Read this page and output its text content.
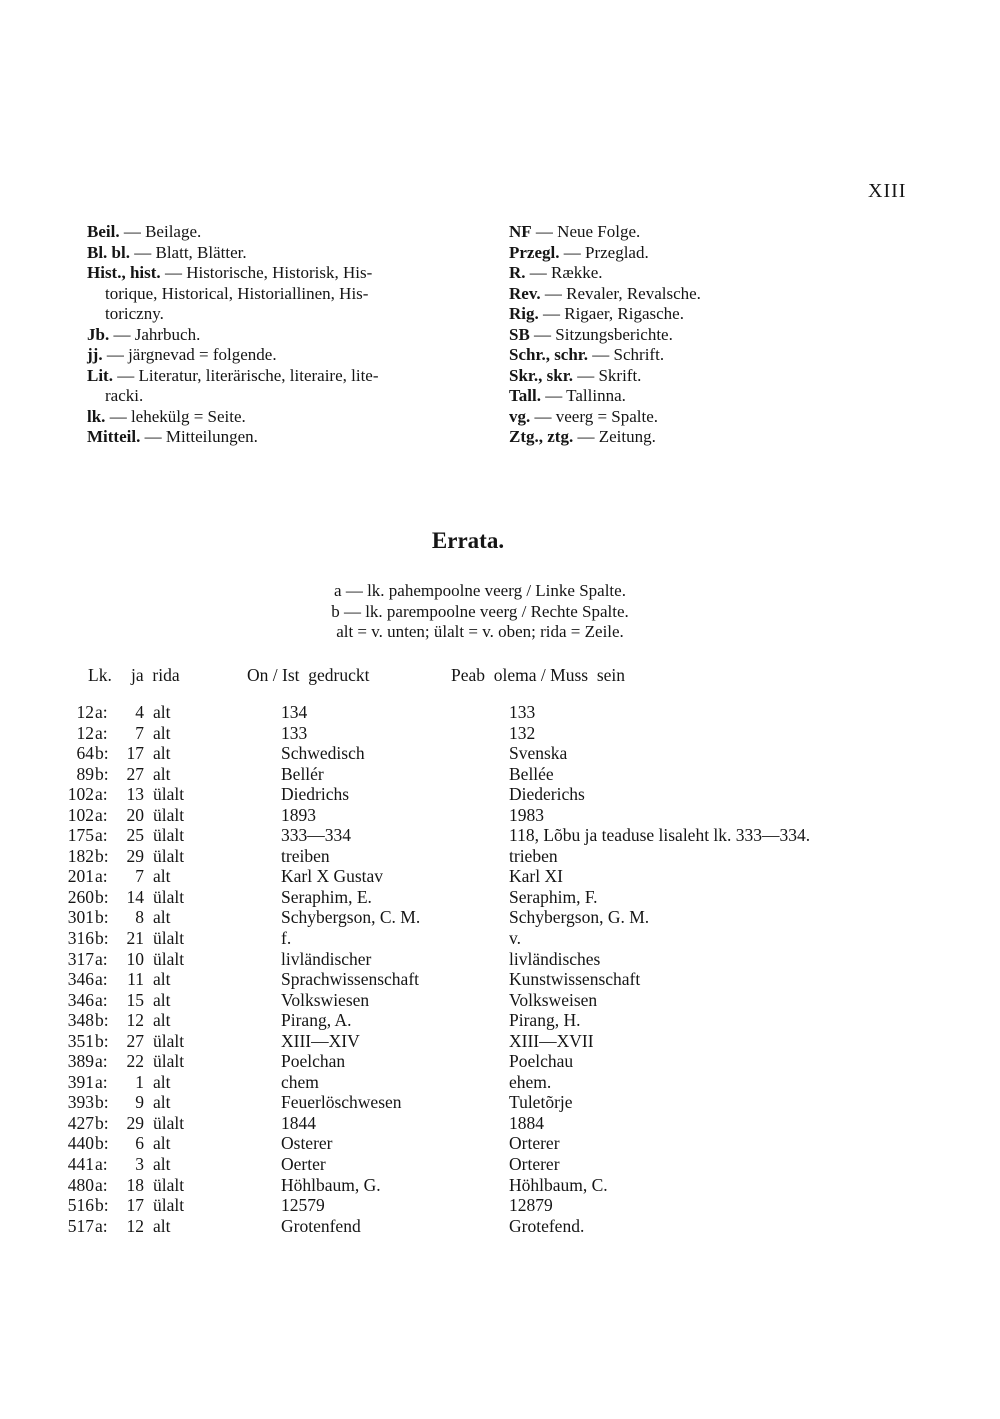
XIII
Beil. — Beilage.
Bl. bl. — Blatt, Blätter.
Hist., hist. — Historische, Historisk, His-
torique, Historical, Historiallinen, His-
toriczny.
Jb. — Jahrbuch.
jj. — järgnevad = folgende.
Lit. — Literatur, literärische, literaire, lite-
racki.
lk. — lehekülg = Seite.
Mitteil. — Mitteilungen.
NF — Neue Folge.
Przegl. — Przeglad.
R. — Række.
Rev. — Revaler, Revalsche.
Rig. — Rigaer, Rigasche.
SB — Sitzungsberichte.
Schr., schr. — Schrift.
Skr., skr. — Skrift.
Tall. — Tallinna.
vg. — veerg = Spalte.
Ztg., ztg. — Zeitung.
Errata.
a — lk. pahempoolne veerg / Linke Spalte.
b — lk. parempoolne veerg / Rechte Spalte.
alt = v. unten; ülalt = v. oben; rida = Zeile.
Lk. ja  rida	On / Ist  gedruckt	Peab  olema / Muss  sein
12 a:	4 alt	134	133
12 a:	7 alt	133	132
64 b:	17 alt	Schwedisch	Svenska
89 b:	27 alt	Bellér	Bellée
102 a:	13 ülalt	Diedrichs	Diederichs
102 a:	20 ülalt	1893	1983
175 a:	25 ülalt	333—334	118, Lõbu ja teaduse lisaleht lk. 333—334.
182 b:	29 ülalt	treiben	trieben
201 a:	7 alt	Karl X Gustav	Karl XI
260 b:	14 ülalt	Seraphim, E.	Seraphim, F.
301 b:	8 alt	Schybergson, C. M.	Schybergson, G. M.
316 b:	21 ülalt	f.	v.
317 a:	10 ülalt	livländischer	livländisches
346 a:	11 alt	Sprachwissenschaft	Kunstwissenschaft
346 a:	15 alt	Volkswiesen	Volksweisen
348 b:	12 alt	Pirang, A.	Pirang, H.
351 b:	27 ülalt	XIII—XIV	XIII—XVII
389 a:	22 ülalt	Poelchan	Poelchau
391 a:	1 alt	chem	ehem.
393 b:	9 alt	Feuerlöschwesen	Tuletõrje
427 b:	29 ülalt	1844	1884
440 b:	6 alt	Osterer	Orterer
441 a:	3 alt	Oerter	Orterer
480 a:	18 ülalt	Höhlbaum, G.	Höhlbaum, C.
516 b:	17 ülalt	12579	12879
517 a:	12 alt	Grotenfend	Grotefend.
